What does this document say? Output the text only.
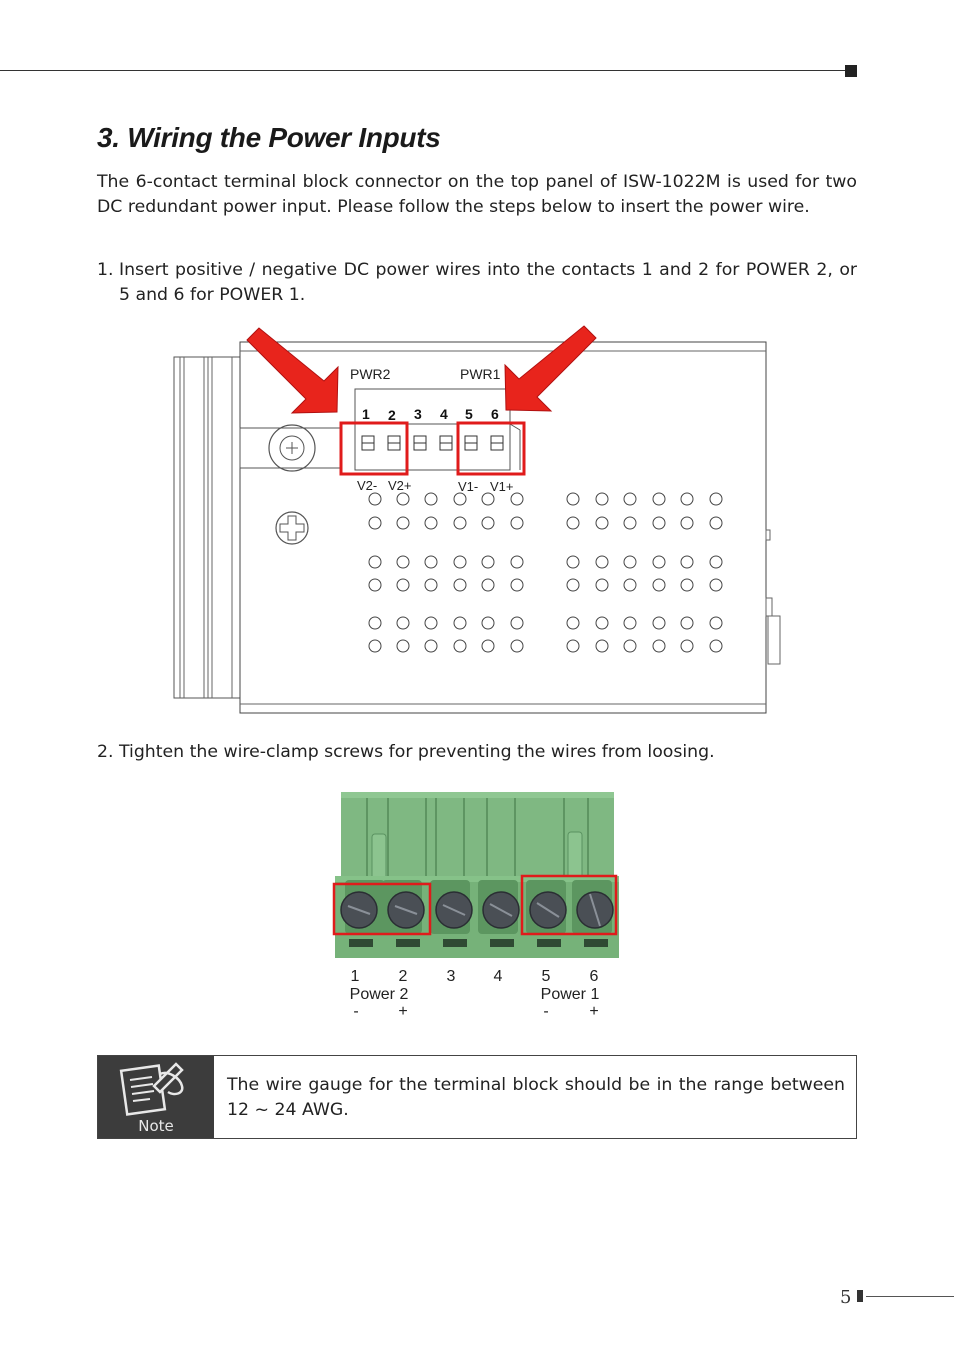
3. Wiring the Power Inputs
The 6-contact terminal block connector on the top panel of ISW-1022M is used for two DC redundant power input. Please follow the steps below to insert the power wire.
1. Insert positive / negative DC power wires into the contacts 1 and 2 for POWER 2, or 5 and 6 for POWER 1.
PWR2	PWR1
1 2 3 4 5 6
V2- V2+	V1- V1+
2. Tighten the wire-clamp screws for preventing the wires from loosing.
1 2 3 4 5 6
Power 2	Power 1
- +	-	+
Note
The wire gauge for the terminal block should be in the range between 12 ~ 24 AWG.
5
